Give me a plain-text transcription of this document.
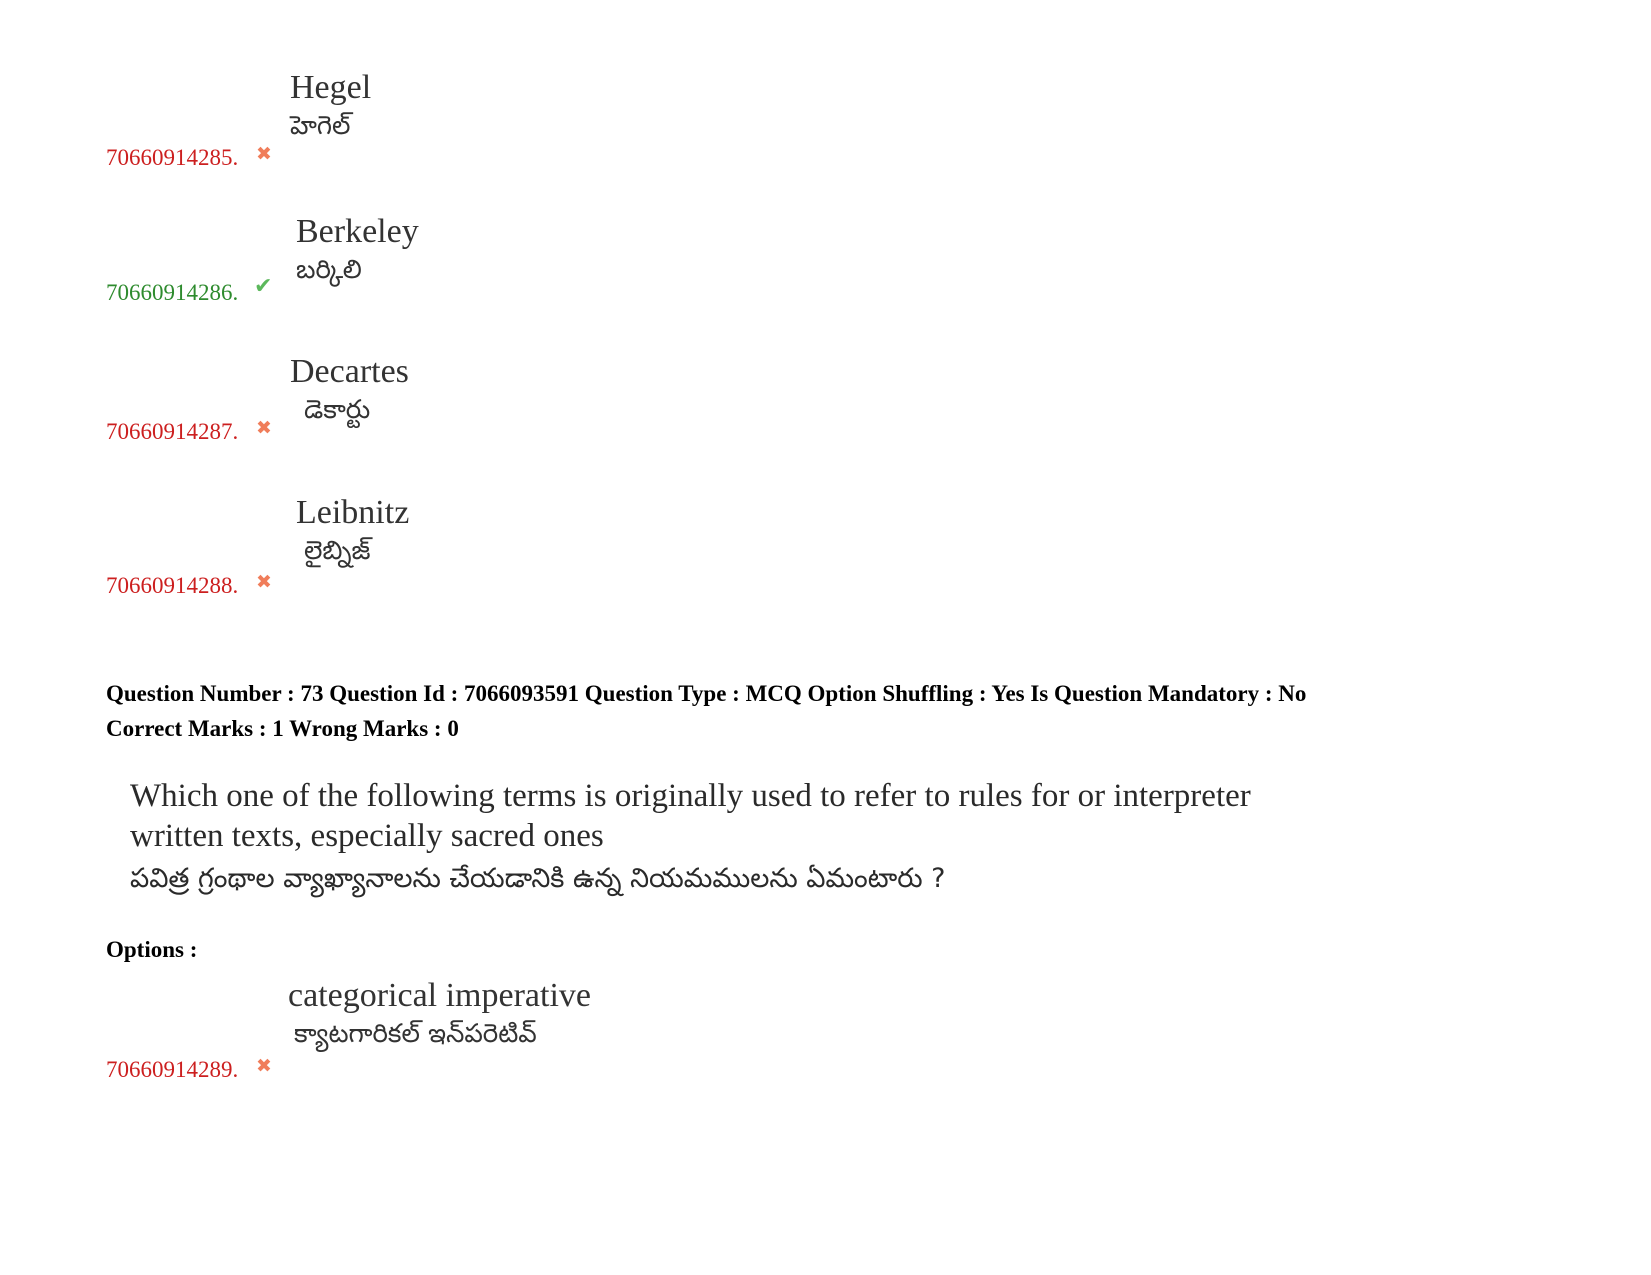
Hegel
హెగెల్
70660914285. ✖
Berkeley
బర్కిలి
70660914286. ✔
Decartes
డెకార్టు
70660914287. ✖
Leibnitz
లైబ్నిజ్
70660914288. ✖
Question Number : 73 Question Id : 7066093591 Question Type : MCQ Option Shuffling : Yes Is Question Mandatory : No
Correct Marks : 1 Wrong Marks : 0
Which one of the following terms is originally used to refer to rules for or interpreter
written texts, especially sacred ones
పవిత్ర గ్రంథాల వ్యాఖ్యానాలను చేయడానికి ఉన్న నియమములను ఏమంటారు ?
Options :
categorical imperative
క్యాటగారికల్ ఇన్‌పరెటివ్
70660914289. ✖
